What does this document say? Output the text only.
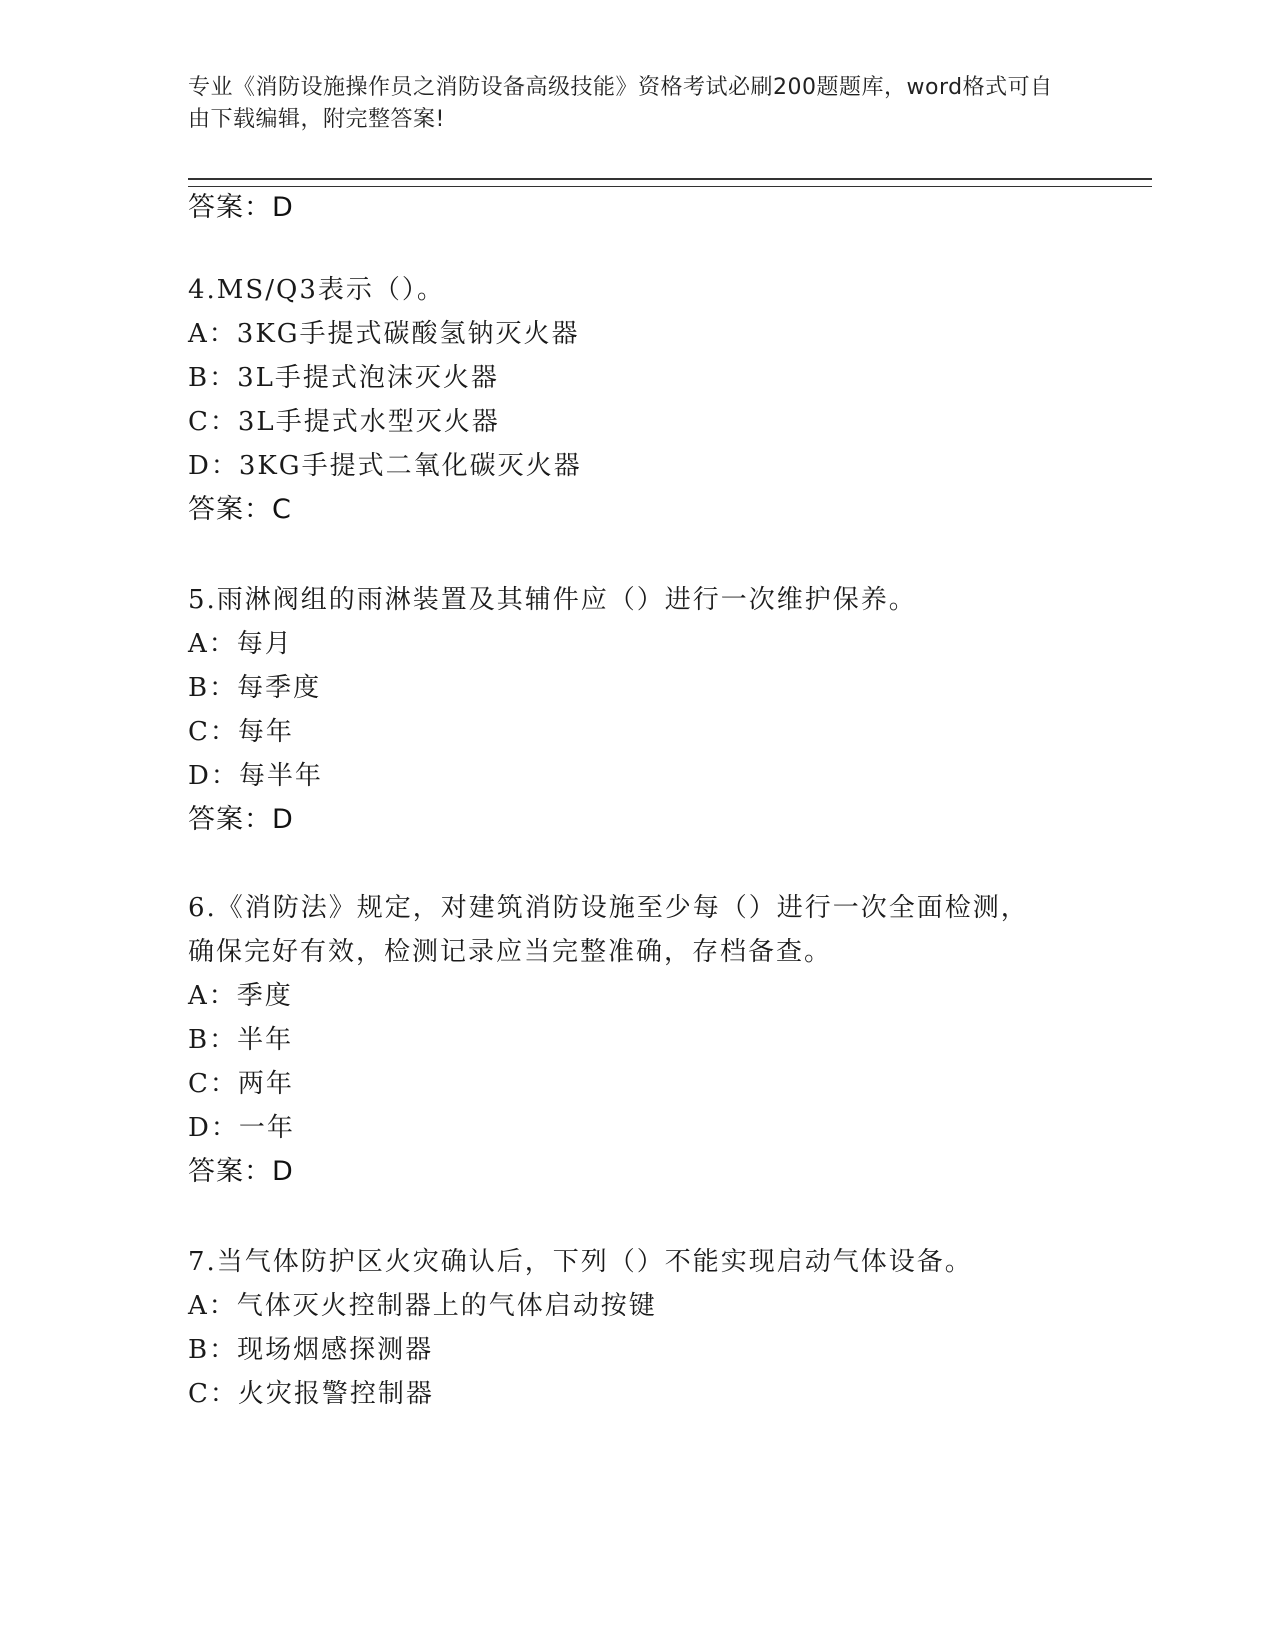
专业《消防设施操作员之消防设备高级技能》资格考试必刷200题题库，word格式可自由下载编辑，附完整答案!
答案：D
4.MS/Q3表示（）。
A：3KG手提式碳酸氢钠灭火器
B：3L手提式泡沫灭火器
C：3L手提式水型灭火器
D：3KG手提式二氧化碳灭火器
答案：C
5.雨淋阀组的雨淋装置及其辅件应（）进行一次维护保养。
A：每月
B：每季度
C：每年
D：每半年
答案：D
6.《消防法》规定，对建筑消防设施至少每（）进行一次全面检测，
确保完好有效，检测记录应当完整准确，存档备查。
A：季度
B：半年
C：两年
D：一年
答案：D
7.当气体防护区火灾确认后，下列（）不能实现启动气体设备。
A：气体灭火控制器上的气体启动按键
B：现场烟感探测器
C：火灾报警控制器
